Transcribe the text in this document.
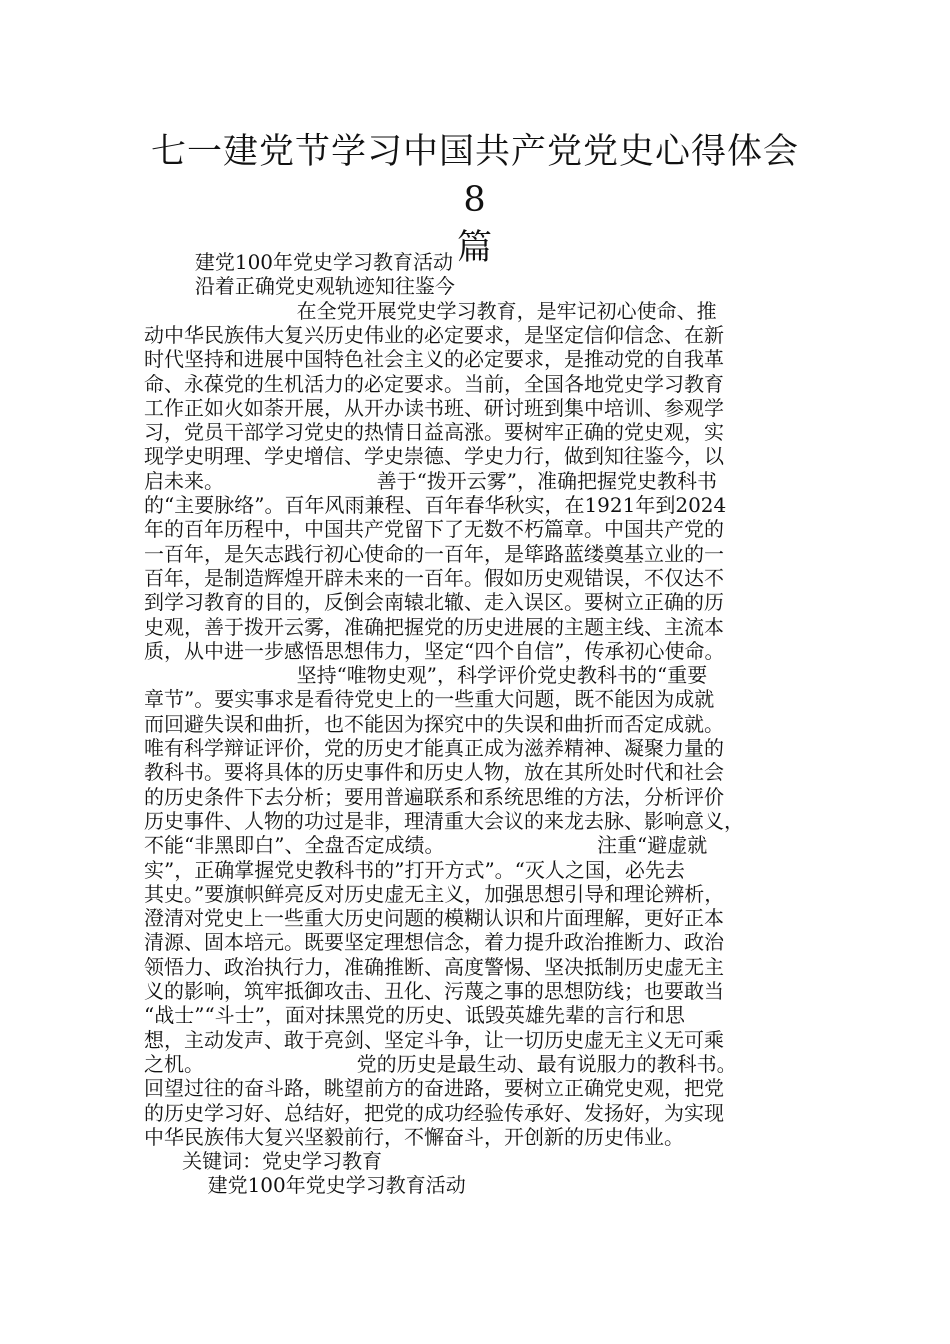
七一建党节学习中国共产党党史心得体会8
篇
建党100年党史学习教育活动
沿着正确党史观轨迹知往鉴今
在全党开展党史学习教育，是牢记初心使命、推
动中华民族伟大复兴历史伟业的必定要求，是坚定信仰信念、在新
时代坚持和进展中国特色社会主义的必定要求，是推动党的自我革
命、永葆党的生机活力的必定要求。当前，全国各地党史学习教育
工作正如火如荼开展，从开办读书班、研讨班到集中培训、参观学
习，党员干部学习党史的热情日益高涨。要树牢正确的党史观，实
现学史明理、学史增信、学史崇德、学史力行，做到知往鉴今，以
启未来。                        善于“拨开云雾”，准确把握党史教科书
的“主要脉络”。百年风雨兼程、百年春华秋实，在1921年到2024
年的百年历程中，中国共产党留下了无数不朽篇章。中国共产党的
一百年，是矢志践行初心使命的一百年，是筚路蓝缕奠基立业的一
百年，是制造辉煌开辟未来的一百年。假如历史观错误，不仅达不
到学习教育的目的，反倒会南辕北辙、走入误区。要树立正确的历
史观，善于拨开云雾，准确把握党的历史进展的主题主线、主流本
质，从中进一步感悟思想伟力，坚定“四个自信”，传承初心使命。
坚持“唯物史观”，科学评价党史教科书的“重要
章节”。要实事求是看待党史上的一些重大问题，既不能因为成就
而回避失误和曲折，也不能因为探究中的失误和曲折而否定成就。
唯有科学辩证评价，党的历史才能真正成为滋养精神、凝聚力量的
教科书。要将具体的历史事件和历史人物，放在其所处时代和社会
的历史条件下去分析；要用普遍联系和系统思维的方法，分析评价
历史事件、人物的功过是非，理清重大会议的来龙去脉、影响意义，
不能“非黑即白”、全盘否定成绩。                        注重“避虚就
实”，正确掌握党史教科书的”打开方式”。“灭人之国，必先去
其史。”要旗帜鲜亮反对历史虚无主义，加强思想引导和理论辨析，
澄清对党史上一些重大历史问题的模糊认识和片面理解，更好正本
清源、固本培元。既要坚定理想信念，着力提升政治推断力、政治
领悟力、政治执行力，准确推断、高度警惕、坚决抵制历史虚无主
义的影响，筑牢抵御攻击、丑化、污蔑之事的思想防线；也要敢当
“战士”“斗士”，面对抹黑党的历史、诋毁英雄先辈的言行和思
想，主动发声、敢于亮剑、坚定斗争，让一切历史虚无主义无可乘
之机。                        党的历史是最生动、最有说服力的教科书。
回望过往的奋斗路，眺望前方的奋进路，要树立正确党史观，把党
的历史学习好、总结好，把党的成功经验传承好、发扬好，为实现
中华民族伟大复兴坚毅前行，不懈奋斗，开创新的历史伟业。
关键词：党史学习教育
建党100年党史学习教育活动
